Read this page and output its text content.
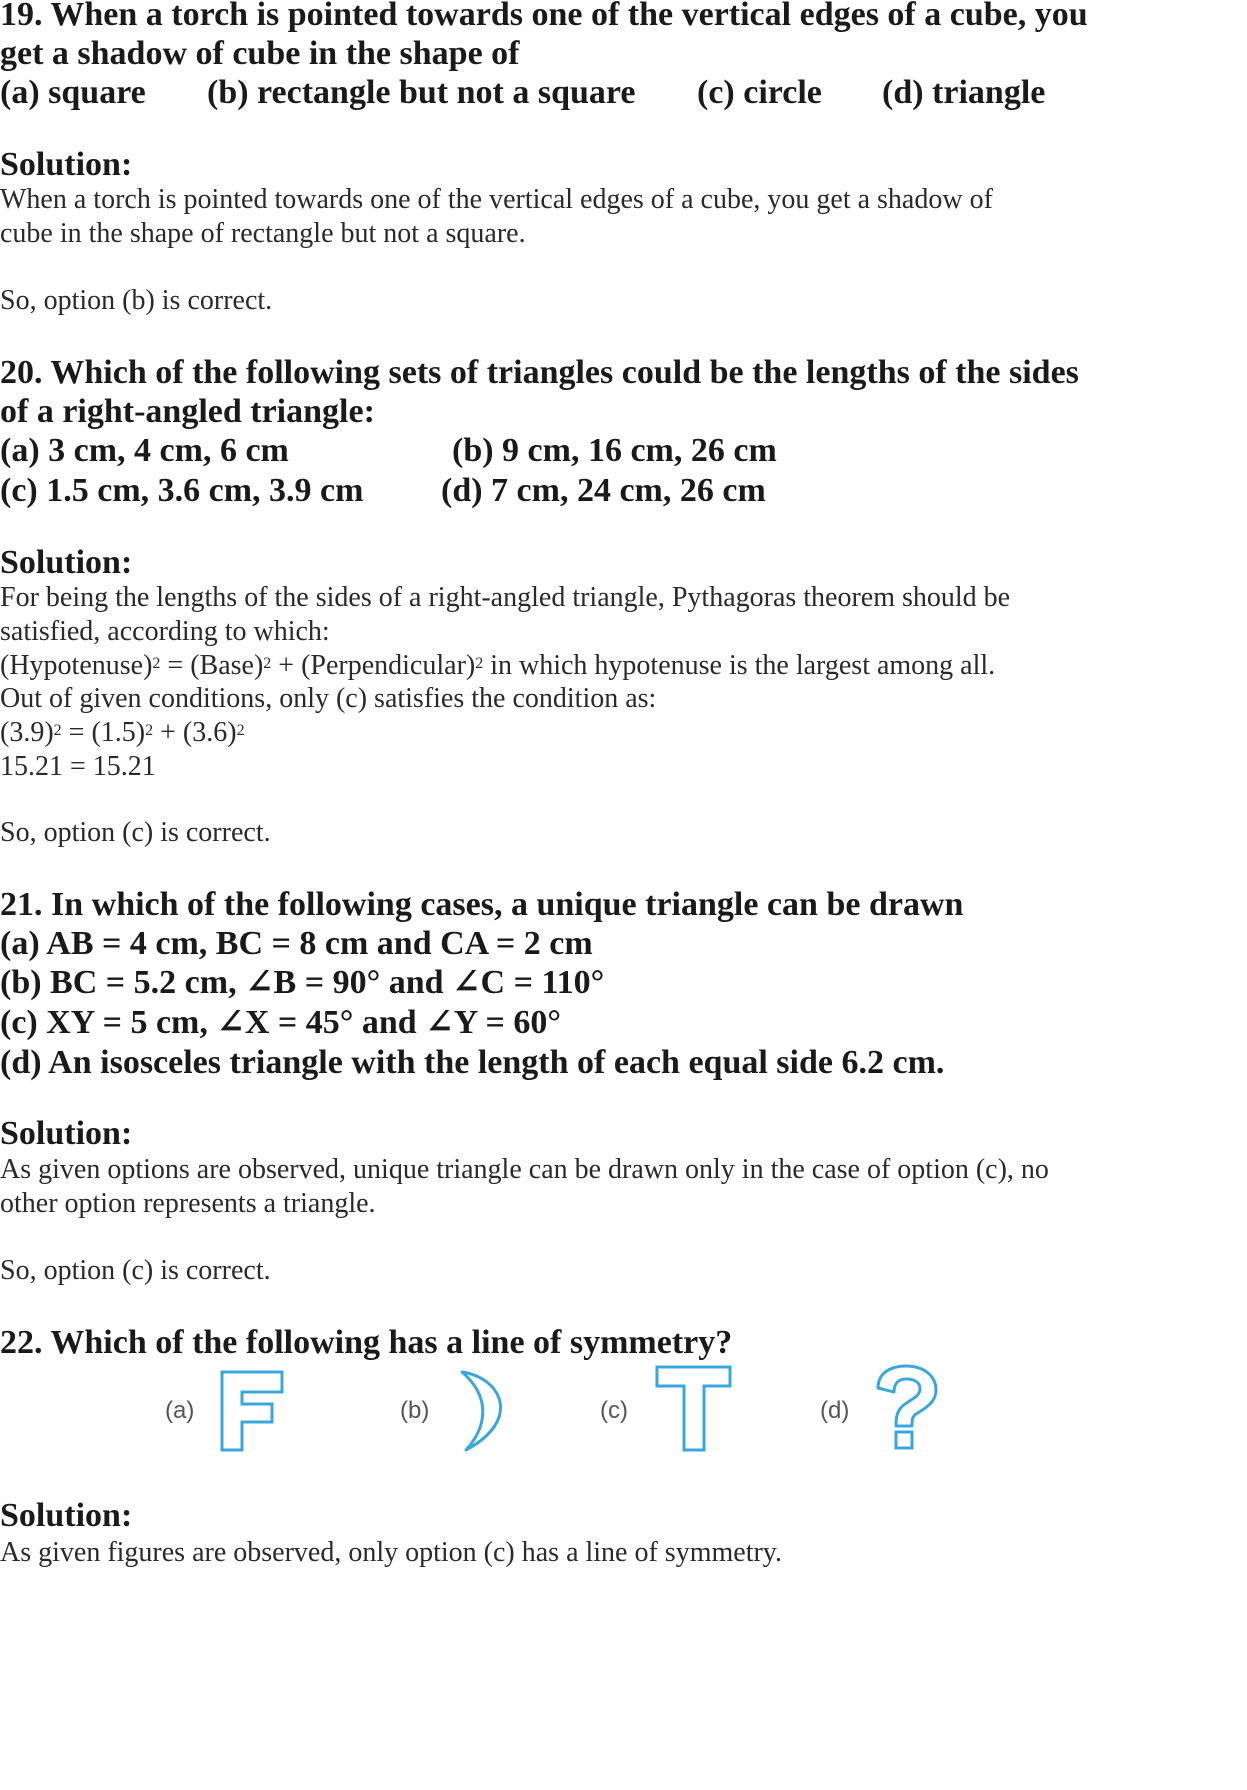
19. When a torch is pointed towards one of the vertical edges of a cube, you
get a shadow of cube in the shape of
(a) square (b) rectangle but not a square (c) circle (d) triangle
Solution:
When a torch is pointed towards one of the vertical edges of a cube, you get a shadow of
cube in the shape of rectangle but not a square.
So, option (b) is correct.
20. Which of the following sets of triangles could be the lengths of the sides
of a right-angled triangle:
(a) 3 cm, 4 cm, 6 cm	(b) 9 cm, 16 cm, 26 cm
(c) 1.5 cm, 3.6 cm, 3.9 cm (d) 7 cm, 24 cm, 26 cm
Solution:
For being the lengths of the sides of a right-angled triangle, Pythagoras theorem should be
satisfied, according to which:
(Hypotenuse)$^2$ = (Base)$^2$ + (Perpendicular)$^2$ in which hypotenuse is the largest among all.
Out of given conditions, only (c) satisfies the condition as:
$(3.9)^2 = (1.5)^2 + (3.6)^2$
15.21 = 15.21
So, option (c) is correct.
21. In which of the following cases, a unique triangle can be drawn
(a) AB = 4 cm, BC = 8 cm and CA = 2 cm
(b) BC = 5.2 cm, ∠B = 90° and ∠C = 110°
(c) XY = 5 cm, ∠X = 45° and ∠Y = 60°
(d) An isosceles triangle with the length of each equal side 6.2 cm.
Solution:
As given options are observed, unique triangle can be drawn only in the case of option (c), no
other option represents a triangle.
So, option (c) is correct.
22. Which of the following has a line of symmetry?
(a)	(b)	(c)	(d)
Solution:
As given figures are observed, only option (c) has a line of symmetry.
